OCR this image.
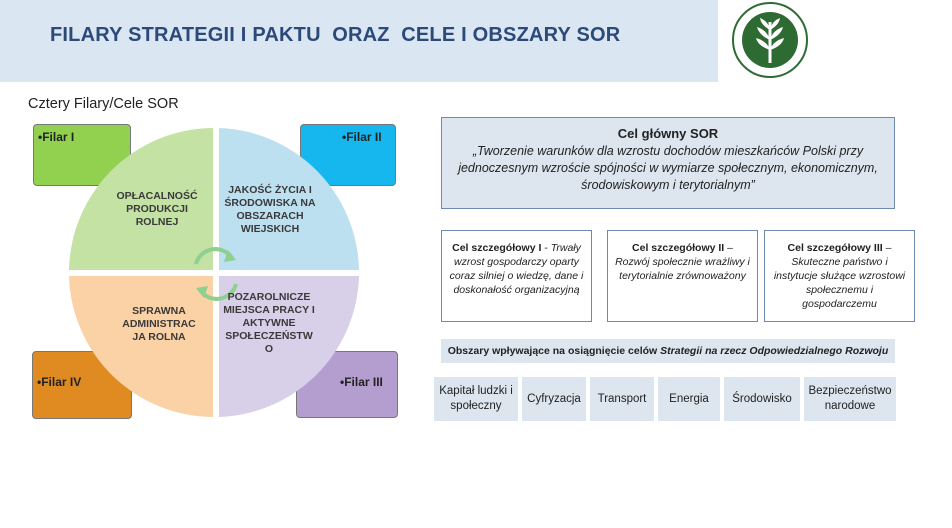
FILARY STRATEGII I PAKTU  ORAZ  CELE I OBSZARY SOR
Cztery Filary/Cele SOR
•Filar I	•Filar II
•Filar III
•Filar IV
OPŁACALNOŚĆ PRODUKCJI ROLNEJ
JAKOŚĆ ŻYCIA I ŚRODOWISKA NA OBSZARACH WIEJSKICH
POZAROLNICZE MIEJSCA PRACY I AKTYWNE SPOŁECZEŃSTW O
SPRAWNA ADMINISTRAC JA ROLNA
Cel główny SOR
„Tworzenie warunków dla wzrostu dochodów mieszkańców Polski przy jednoczesnym wzroście spójności w wymiarze społecznym, ekonomicznym, środowiskowym i terytorialnym”
Cel szczegółowy I - Trwały wzrost gospodarczy oparty coraz silniej o wiedzę, dane i doskonałość organizacyjną
Cel szczegółowy II – Rozwój społecznie wrażliwy i terytorialnie zrównoważony
Cel szczegółowy III – Skuteczne państwo i instytucje służące wzrostowi społecznemu i gospodarczemu
Obszary wpływające na osiągnięcie celów Strategii na rzecz Odpowiedzialnego Rozwoju
Kapitał ludzki i społeczny
Cyfryzacja Transport Energia Środowisko
Bezpieczeństwo narodowe
